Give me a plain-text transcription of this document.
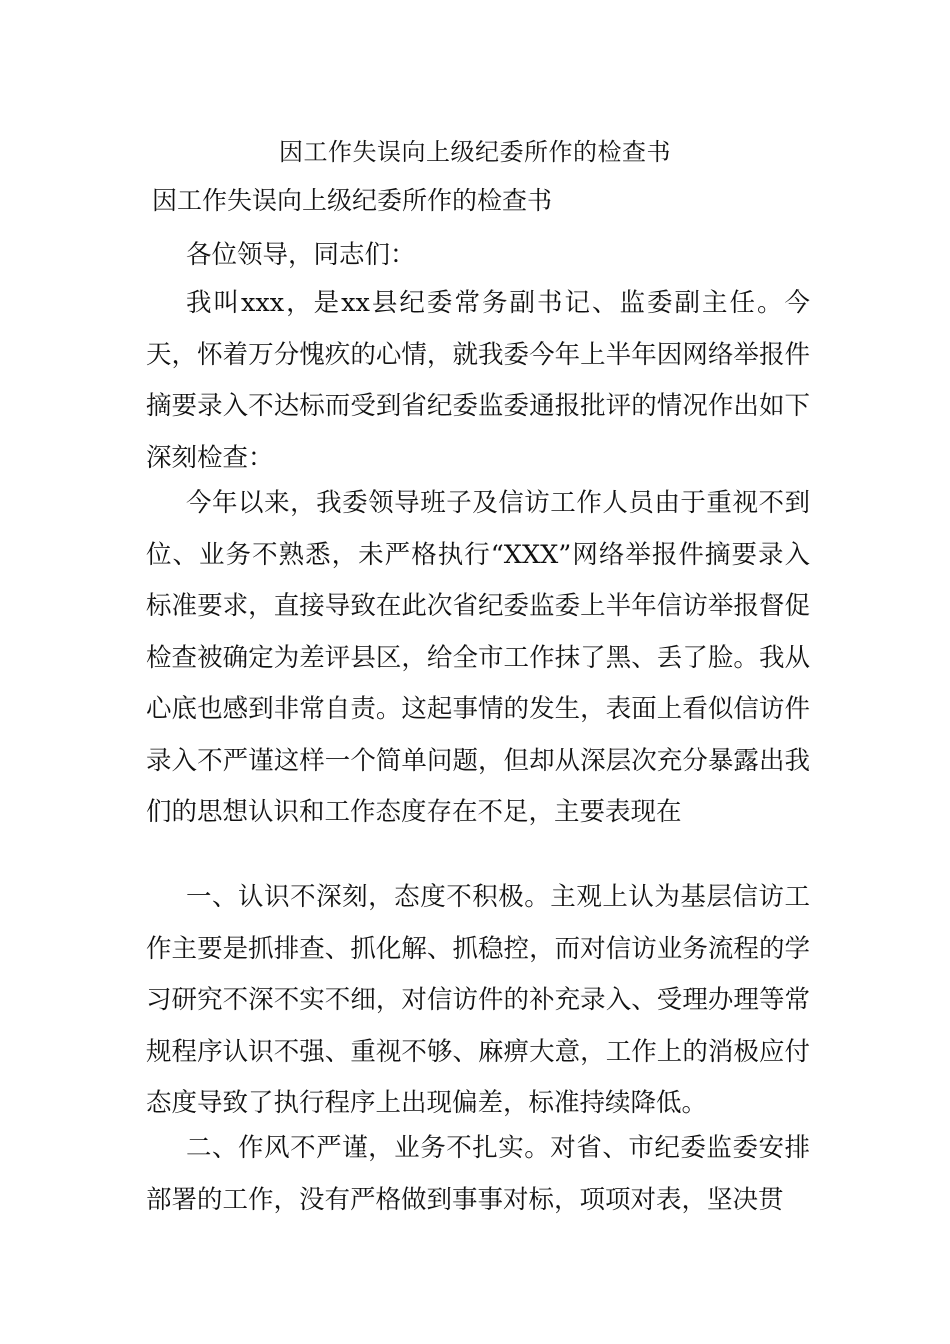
因工作失误向上级纪委所作的检查书

因工作失误向上级纪委所作的检查书

各位领导，同志们：

我叫xxx，是xx县纪委常务副书记、监委副主任。今天，怀着万分愧疚的心情，就我委今年上半年因网络举报件摘要录入不达标而受到省纪委监委通报批评的情况作出如下深刻检查：

今年以来，我委领导班子及信访工作人员由于重视不到位、业务不熟悉，未严格执行“XXX”网络举报件摘要录入标准要求，直接导致在此次省纪委监委上半年信访举报督促检查被确定为差评县区，给全市工作抹了黑、丢了脸。我从心底也感到非常自责。这起事情的发生，表面上看似信访件录入不严谨这样一个简单问题，但却从深层次充分暴露出我们的思想认识和工作态度存在不足，主要表现在

一、认识不深刻，态度不积极。主观上认为基层信访工作主要是抓排查、抓化解、抓稳控，而对信访业务流程的学习研究不深不实不细，对信访件的补充录入、受理办理等常规程序认识不强、重视不够、麻痹大意，工作上的消极应付态度导致了执行程序上出现偏差，标准持续降低。

二、作风不严谨，业务不扎实。对省、市纪委监委安排部署的工作，没有严格做到事事对标，项项对表，坚决贯
